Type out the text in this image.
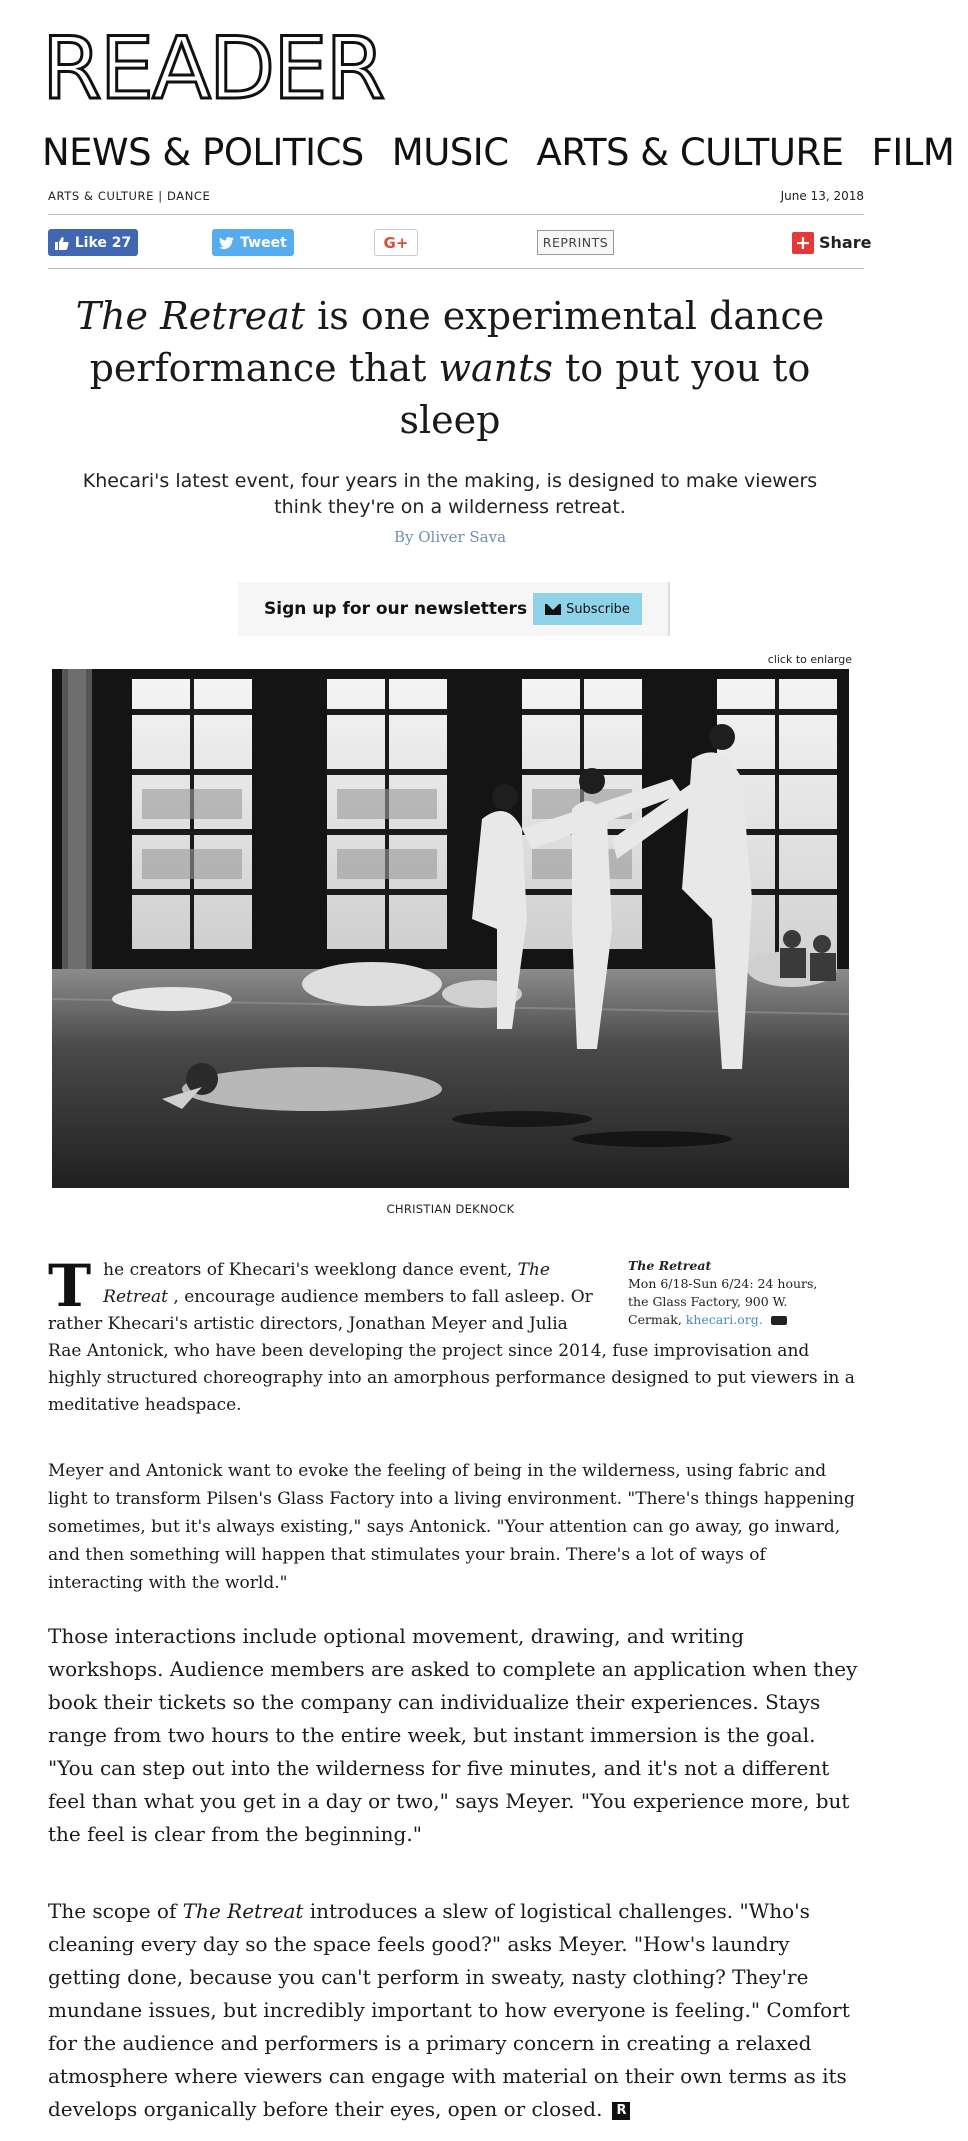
READER
NEWS & POLITICS MUSIC ARTS & CULTURE FILM
ARTS & CULTURE | DANCE	June 13, 2018
Like 27	Tweet	G+	REPRINTS	+ Share
The Retreat is one experimental dance performance that wants to put you to sleep

Khecari's latest event, four years in the making, is designed to make viewers think they're on a wilderness retreat.

By Oliver Sava
Sign up for our newsletters	Subscribe
click to enlarge
CHRISTIAN DEKNOCK
The Retreat
Mon 6/18-Sun 6/24: 24 hours, the Glass Factory, 900 W. Cermak, khecari.org.
T he creators of Khecari's weeklong dance event, The Retreat , encourage audience members to fall asleep. Or rather Khecari's artistic directors, Jonathan Meyer and Julia Rae Antonick, who have been developing the project since 2014, fuse improvisation and highly structured choreography into an amorphous performance designed to put viewers in a meditative headspace.

Meyer and Antonick want to evoke the feeling of being in the wilderness, using fabric and light to transform Pilsen's Glass Factory into a living environment. "There's things happening sometimes, but it's always existing," says Antonick. "Your attention can go away, go inward, and then something will happen that stimulates your brain. There's a lot of ways of interacting with the world."

Those interactions include optional movement, drawing, and writing workshops. Audience members are asked to complete an application when they book their tickets so the company can individualize their experiences. Stays range from two hours to the entire week, but instant immersion is the goal. "You can step out into the wilderness for five minutes, and it's not a different feel than what you get in a day or two," says Meyer. "You experience more, but the feel is clear from the beginning."

The scope of The Retreat introduces a slew of logistical challenges. "Who's cleaning every day so the space feels good?" asks Meyer. "How's laundry getting done, because you can't perform in sweaty, nasty clothing? They're mundane issues, but incredibly important to how everyone is feeling." Comfort for the audience and performers is a primary concern in creating a relaxed atmosphere where viewers can engage with material on their own terms as its develops organically before their eyes, open or closed. R
